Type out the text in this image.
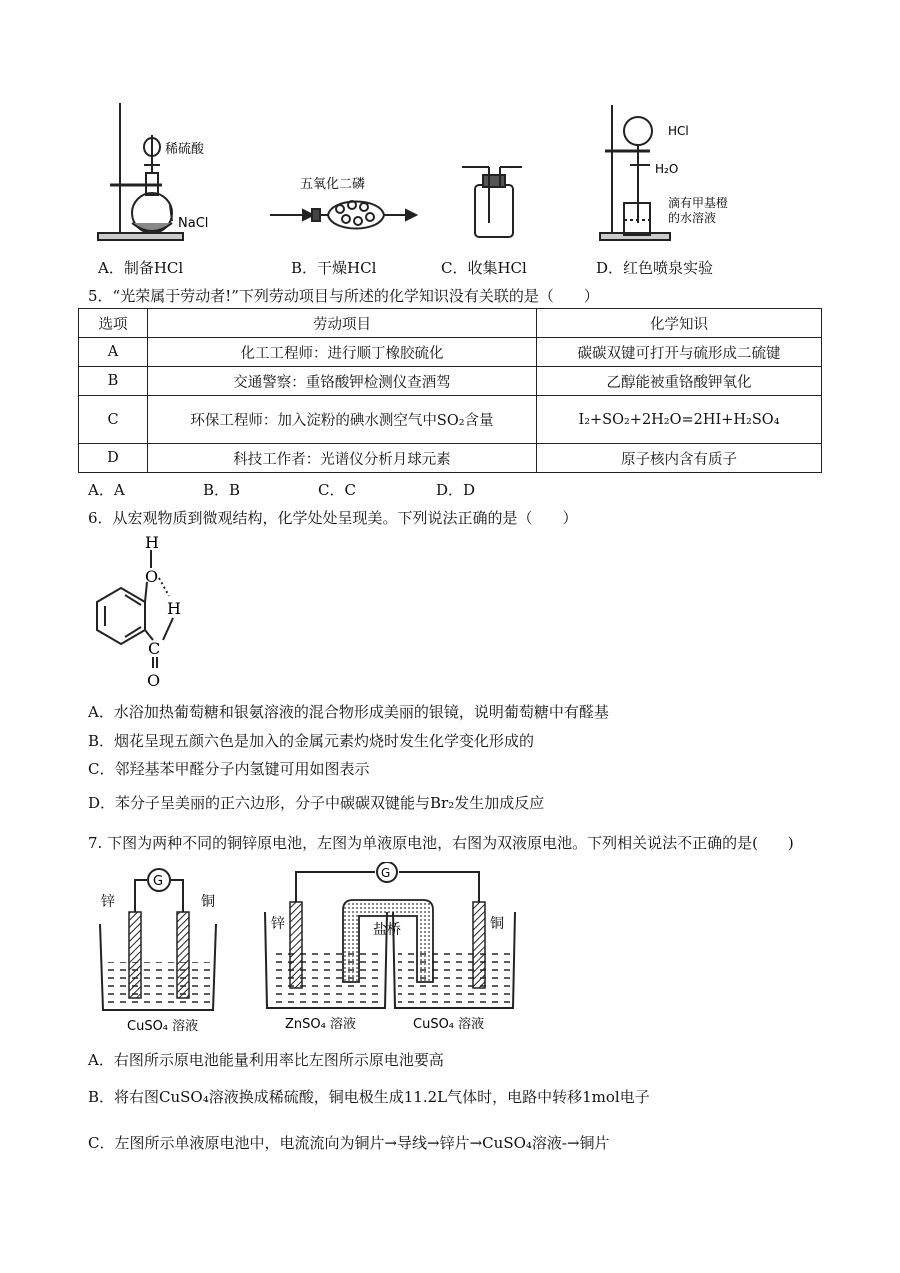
稀硫酸
NaCl
五氧化二磷
HCl
H₂O
滴有甲基橙
的水溶液
A．制备HCl	B．干燥HCl	C．收集HCl	D．红色喷泉实验
5．“光荣属于劳动者!”下列劳动项目与所述的化学知识没有关联的是（　　）
选项	劳动项目	化学知识
A	化工工程师：进行顺丁橡胶硫化	碳碳双键可打开与硫形成二硫键
B	交通警察：重铬酸钾检测仪查酒驾	乙醇能被重铬酸钾氧化
C	环保工程师：加入淀粉的碘水测空气中SO₂含量	I₂+SO₂+2H₂O=2HI+H₂SO₄
D	科技工作者：光谱仪分析月球元素	原子核内含有质子
A．A	B．B	C．C	D．D
6．从宏观物质到微观结构，化学处处呈现美。下列说法正确的是（　　）
H
O
H
C
O
A．水浴加热葡萄糖和银氨溶液的混合物形成美丽的银镜，说明葡萄糖中有醛基
B．烟花呈现五颜六色是加入的金属元素灼烧时发生化学变化形成的
C．邻羟基苯甲醛分子内氢键可用如图表示
D．苯分子呈美丽的正六边形，分子中碳碳双键能与Br₂发生加成反应
7. 下图为两种不同的铜锌原电池，左图为单液原电池，右图为双液原电池。下列相关说法不正确的是(　　)
G
锌	铜
CuSO₄ 溶液
G
锌	盐桥	铜
ZnSO₄ 溶液	CuSO₄ 溶液
A．右图所示原电池能量利用率比左图所示原电池要高
B．将右图CuSO₄溶液换成稀硫酸，铜电极生成11.2L气体时，电路中转移1mol电子
C．左图所示单液原电池中，电流流向为铜片→导线→锌片→CuSO₄溶液-→铜片
